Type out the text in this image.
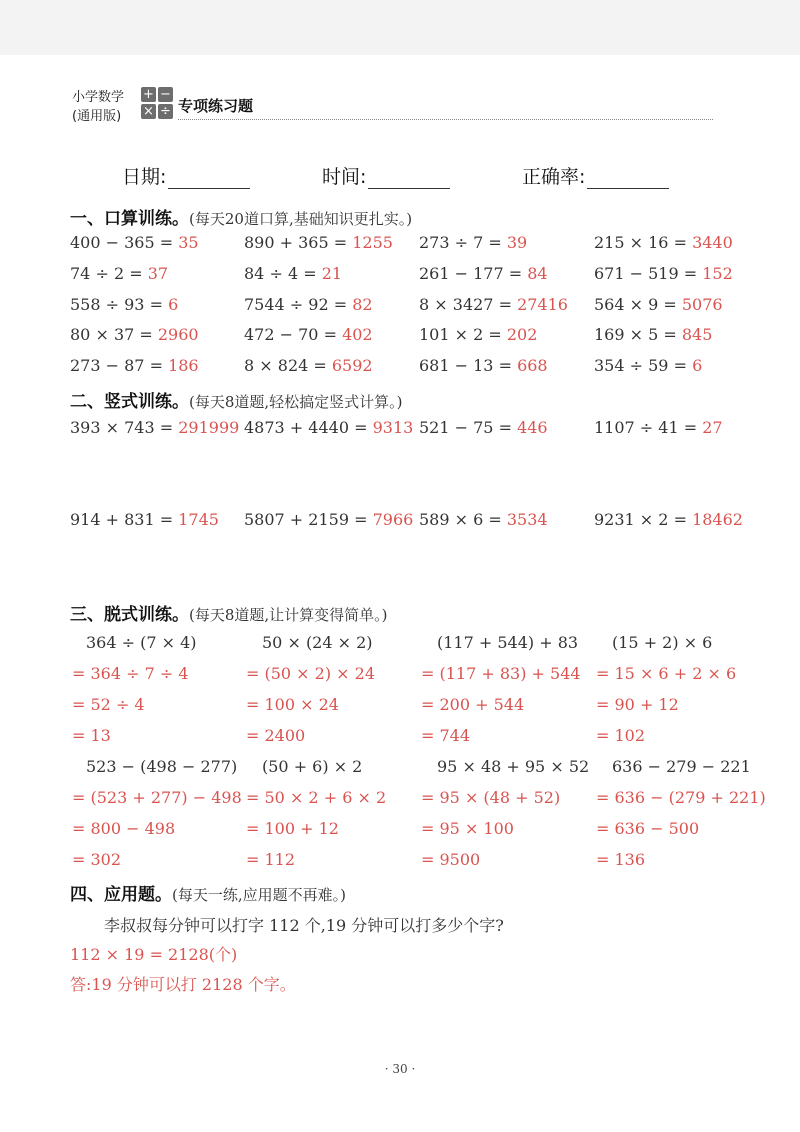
小学数学
(通用版)
+ −
× ÷ 专项练习题
日期:	时间:	正确率:
一、口算训练。(每天20道口算,基础知识更扎实。)
400 − 365 = 35	890 + 365 = 1255 273 ÷ 7 = 39	215 × 16 = 3440
74 ÷ 2 = 37	84 ÷ 4 = 21	261 − 177 = 84	671 − 519 = 152
558 ÷ 93 = 6	7544 ÷ 92 = 82	8 × 3427 = 27416 564 × 9 = 5076
80 × 37 = 2960	472 − 70 = 402	101 × 2 = 202	169 × 5 = 845
273 − 87 = 186	8 × 824 = 6592	681 − 13 = 668	354 ÷ 59 = 6
二、竖式训练。(每天8道题,轻松搞定竖式计算。)
393 × 743 = 291999 4873 + 4440 = 9313 521 − 75 = 446	1107 ÷ 41 = 27
914 + 831 = 1745 5807 + 2159 = 7966 589 × 6 = 3534	9231 × 2 = 18462
三、脱式训练。(每天8道题,让计算变得简单。)
364 ÷ (7 × 4)
= 364 ÷ 7 ÷ 4
= 52 ÷ 4
= 13
50 × (24 × 2)
= (50 × 2) × 24
= 100 × 24
= 2400
(117 + 544) + 83
= (117 + 83) + 544
= 200 + 544
= 744
(15 + 2) × 6
= 15 × 6 + 2 × 6
= 90 + 12
= 102
523 − (498 − 277)
= (523 + 277) − 498
= 800 − 498
= 302
(50 + 6) × 2
= 50 × 2 + 6 × 2
= 100 + 12
= 112
95 × 48 + 95 × 52
= 95 × (48 + 52)
= 95 × 100
= 9500
636 − 279 − 221
= 636 − (279 + 221)
= 636 − 500
= 136
四、应用题。(每天一练,应用题不再难。)
李叔叔每分钟可以打字 112 个,19 分钟可以打多少个字?
112 × 19 = 2128(个)
答:19 分钟可以打 2128 个字。
· 30 ·
